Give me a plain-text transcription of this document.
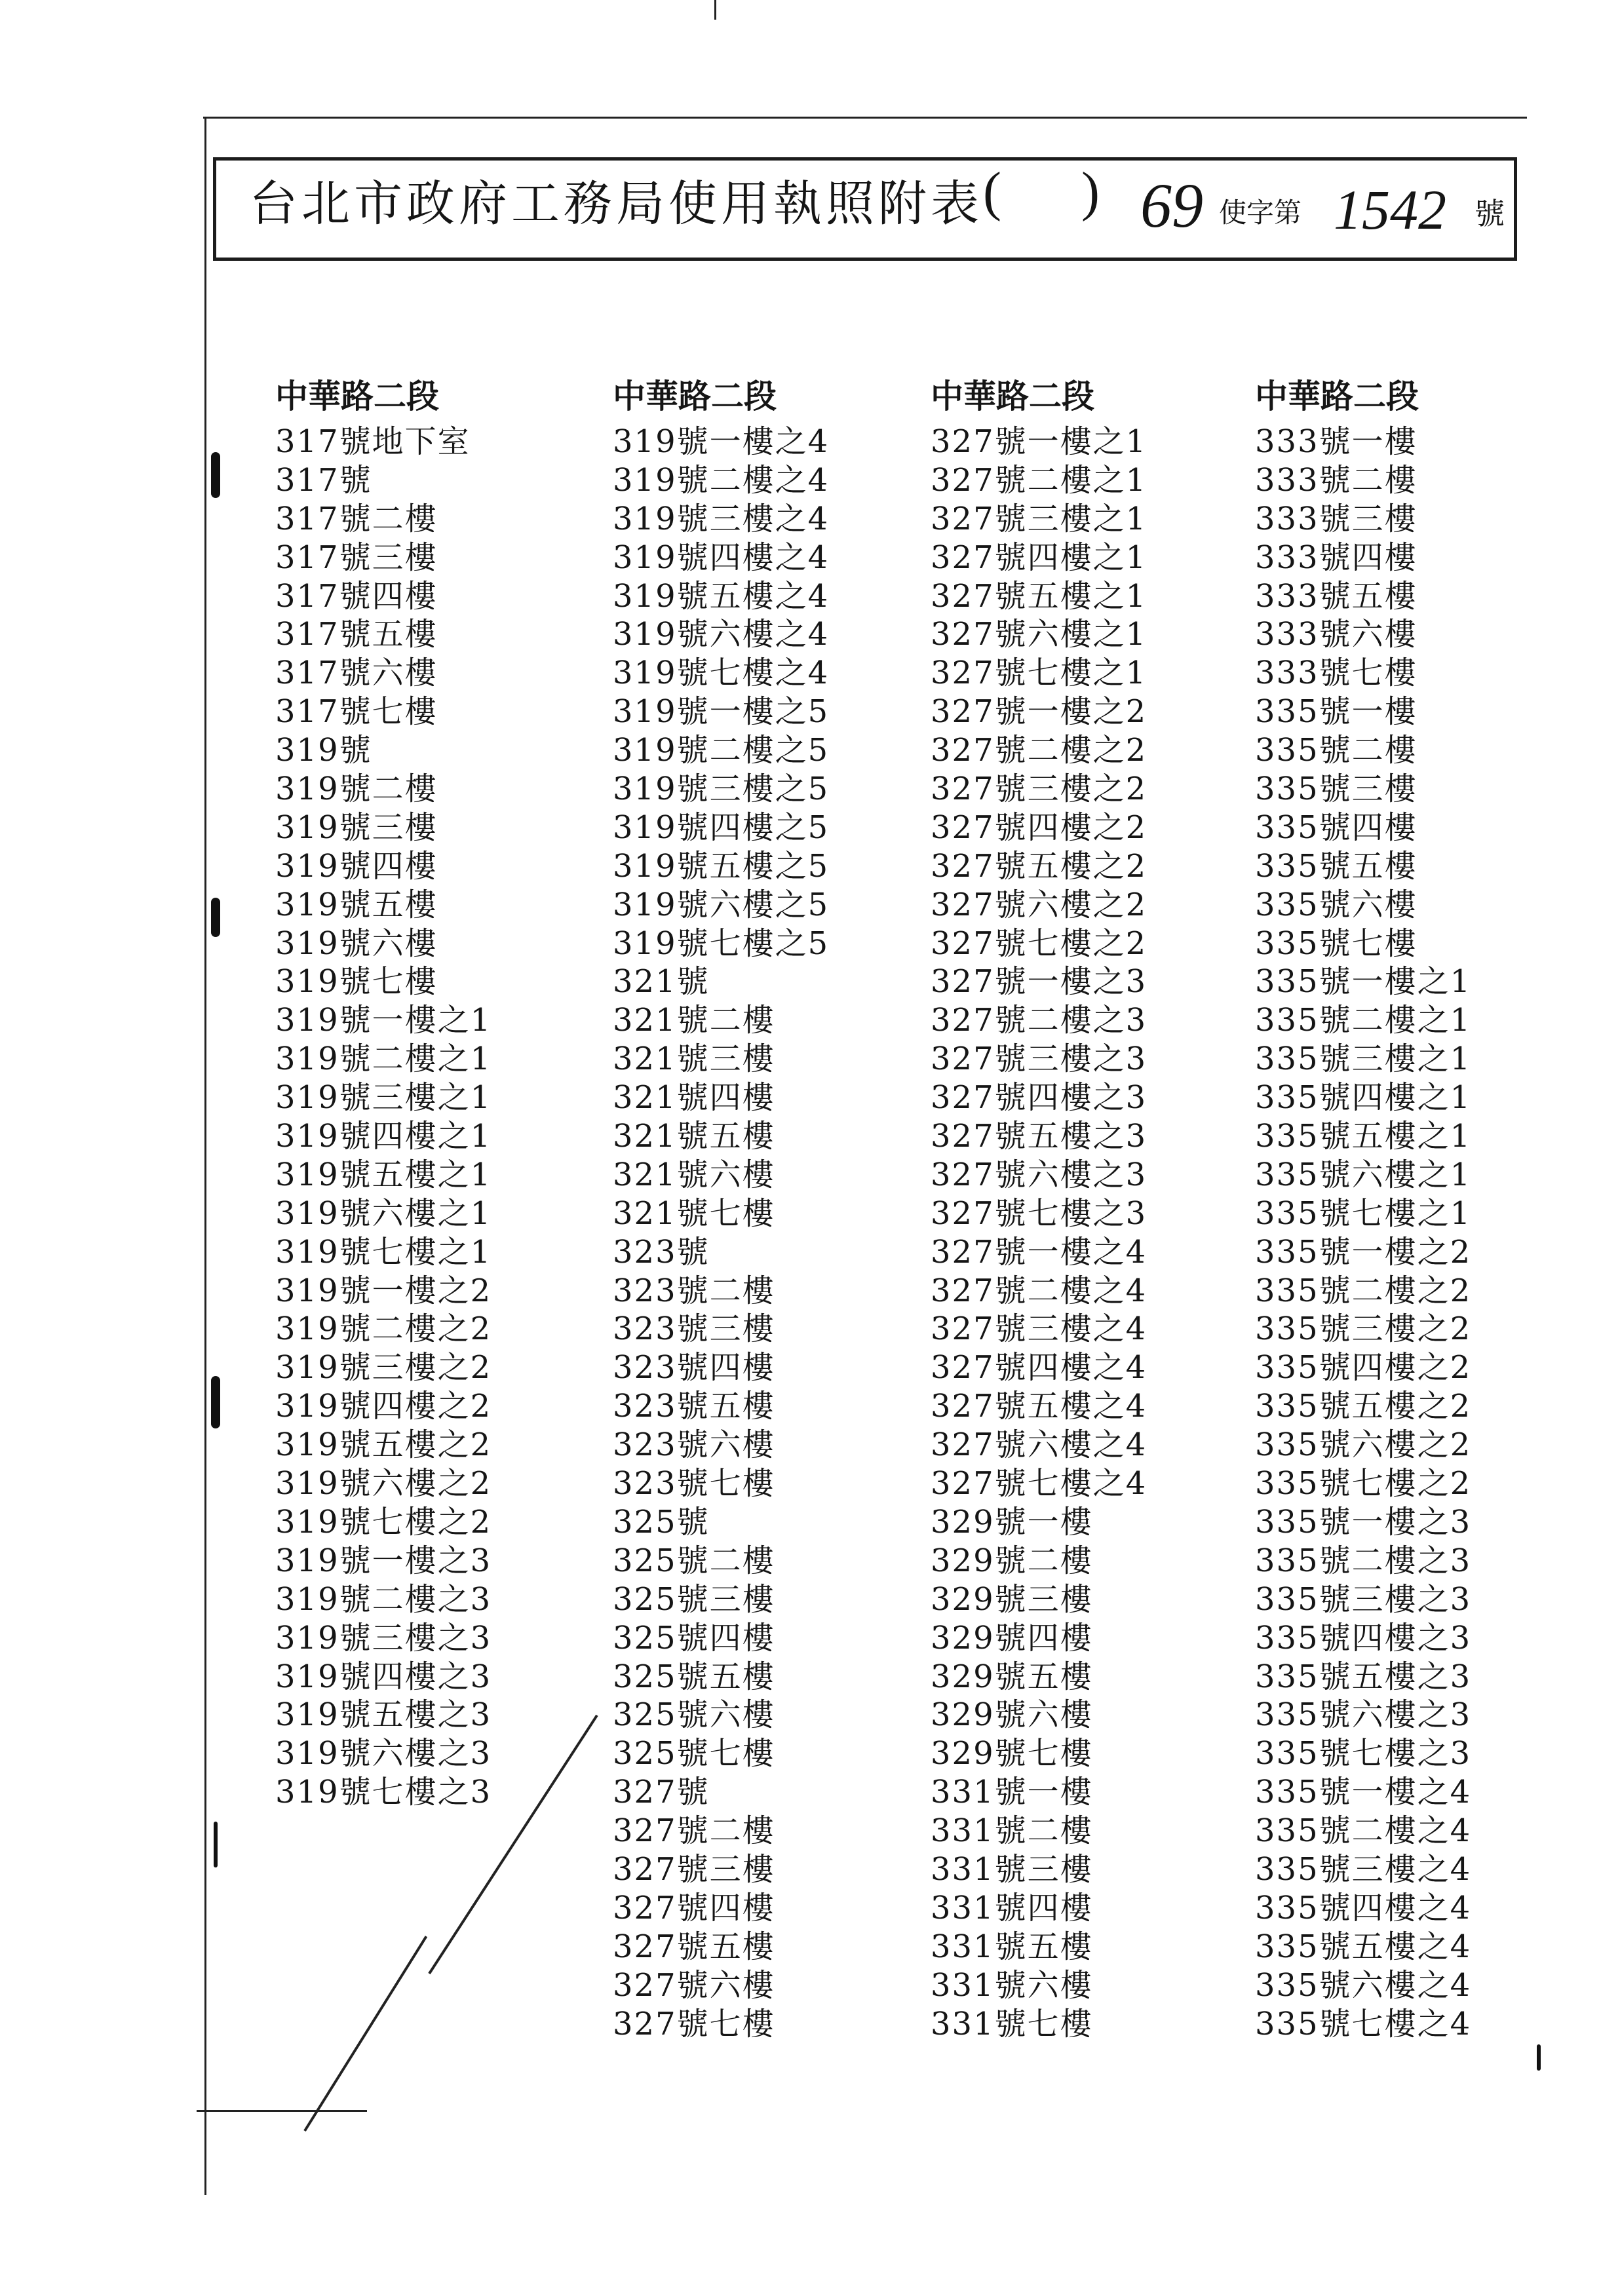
台北市政府工務局使用執照附表 ( ) 69 使字第 1542 號
中華路二段
317號地下室
317號
317號二樓
317號三樓
317號四樓
317號五樓
317號六樓
317號七樓
319號
319號二樓
319號三樓
319號四樓
319號五樓
319號六樓
319號七樓
319號一樓之1
319號二樓之1
319號三樓之1
319號四樓之1
319號五樓之1
319號六樓之1
319號七樓之1
319號一樓之2
319號二樓之2
319號三樓之2
319號四樓之2
319號五樓之2
319號六樓之2
319號七樓之2
319號一樓之3
319號二樓之3
319號三樓之3
319號四樓之3
319號五樓之3
319號六樓之3
319號七樓之3
中華路二段
319號一樓之4
319號二樓之4
319號三樓之4
319號四樓之4
319號五樓之4
319號六樓之4
319號七樓之4
319號一樓之5
319號二樓之5
319號三樓之5
319號四樓之5
319號五樓之5
319號六樓之5
319號七樓之5
321號
321號二樓
321號三樓
321號四樓
321號五樓
321號六樓
321號七樓
323號
323號二樓
323號三樓
323號四樓
323號五樓
323號六樓
323號七樓
325號
325號二樓
325號三樓
325號四樓
325號五樓
325號六樓
325號七樓
327號
327號二樓
327號三樓
327號四樓
327號五樓
327號六樓
327號七樓
中華路二段
327號一樓之1
327號二樓之1
327號三樓之1
327號四樓之1
327號五樓之1
327號六樓之1
327號七樓之1
327號一樓之2
327號二樓之2
327號三樓之2
327號四樓之2
327號五樓之2
327號六樓之2
327號七樓之2
327號一樓之3
327號二樓之3
327號三樓之3
327號四樓之3
327號五樓之3
327號六樓之3
327號七樓之3
327號一樓之4
327號二樓之4
327號三樓之4
327號四樓之4
327號五樓之4
327號六樓之4
327號七樓之4
329號一樓
329號二樓
329號三樓
329號四樓
329號五樓
329號六樓
329號七樓
331號一樓
331號二樓
331號三樓
331號四樓
331號五樓
331號六樓
331號七樓
中華路二段
333號一樓
333號二樓
333號三樓
333號四樓
333號五樓
333號六樓
333號七樓
335號一樓
335號二樓
335號三樓
335號四樓
335號五樓
335號六樓
335號七樓
335號一樓之1
335號二樓之1
335號三樓之1
335號四樓之1
335號五樓之1
335號六樓之1
335號七樓之1
335號一樓之2
335號二樓之2
335號三樓之2
335號四樓之2
335號五樓之2
335號六樓之2
335號七樓之2
335號一樓之3
335號二樓之3
335號三樓之3
335號四樓之3
335號五樓之3
335號六樓之3
335號七樓之3
335號一樓之4
335號二樓之4
335號三樓之4
335號四樓之4
335號五樓之4
335號六樓之4
335號七樓之4
